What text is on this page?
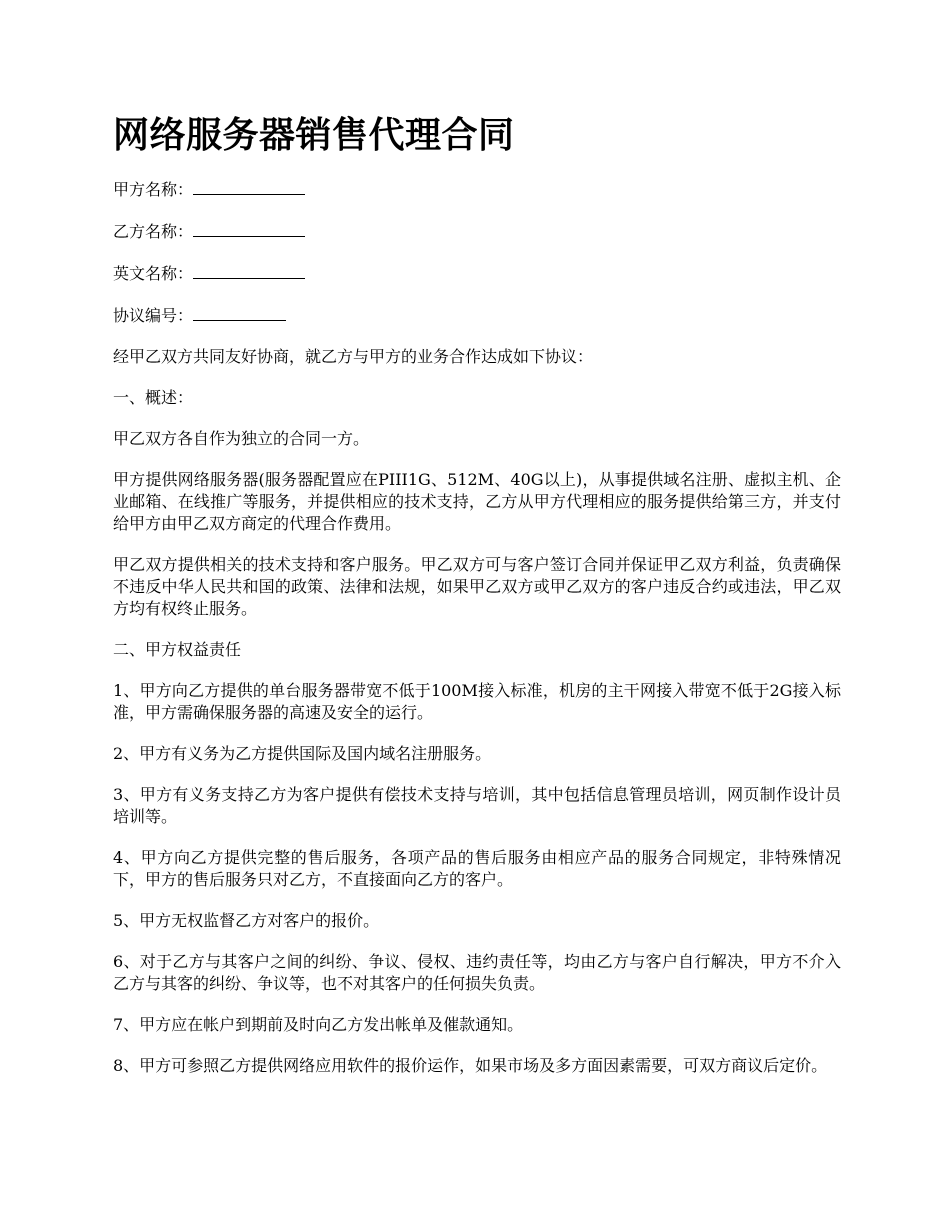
网络服务器销售代理合同

甲方名称：

乙方名称：

英文名称：

协议编号：

经甲乙双方共同友好协商，就乙方与甲方的业务合作达成如下协议：

一、概述：

甲乙双方各自作为独立的合同一方。

甲方提供网络服务器(服务器配置应在PIII1G、512M、40G以上)，从事提供域名注册、虚拟主机、企业邮箱、在线推广等服务，并提供相应的技术支持，乙方从甲方代理相应的服务提供给第三方，并支付给甲方由甲乙双方商定的代理合作费用。

甲乙双方提供相关的技术支持和客户服务。甲乙双方可与客户签订合同并保证甲乙双方利益，负责确保不违反中华人民共和国的政策、法律和法规，如果甲乙双方或甲乙双方的客户违反合约或违法，甲乙双方均有权终止服务。

二、甲方权益责任

1、甲方向乙方提供的单台服务器带宽不低于100M接入标准，机房的主干网接入带宽不低于2G接入标准，甲方需确保服务器的高速及安全的运行。

2、甲方有义务为乙方提供国际及国内域名注册服务。

3、甲方有义务支持乙方为客户提供有偿技术支持与培训，其中包括信息管理员培训，网页制作设计员培训等。

4、甲方向乙方提供完整的售后服务，各项产品的售后服务由相应产品的服务合同规定，非特殊情况下，甲方的售后服务只对乙方，不直接面向乙方的客户。

5、甲方无权监督乙方对客户的报价。

6、对于乙方与其客户之间的纠纷、争议、侵权、违约责任等，均由乙方与客户自行解决，甲方不介入乙方与其客的纠纷、争议等，也不对其客户的任何损失负责。

7、甲方应在帐户到期前及时向乙方发出帐单及催款通知。

8、甲方可参照乙方提供网络应用软件的报价运作，如果市场及多方面因素需要，可双方商议后定价。
